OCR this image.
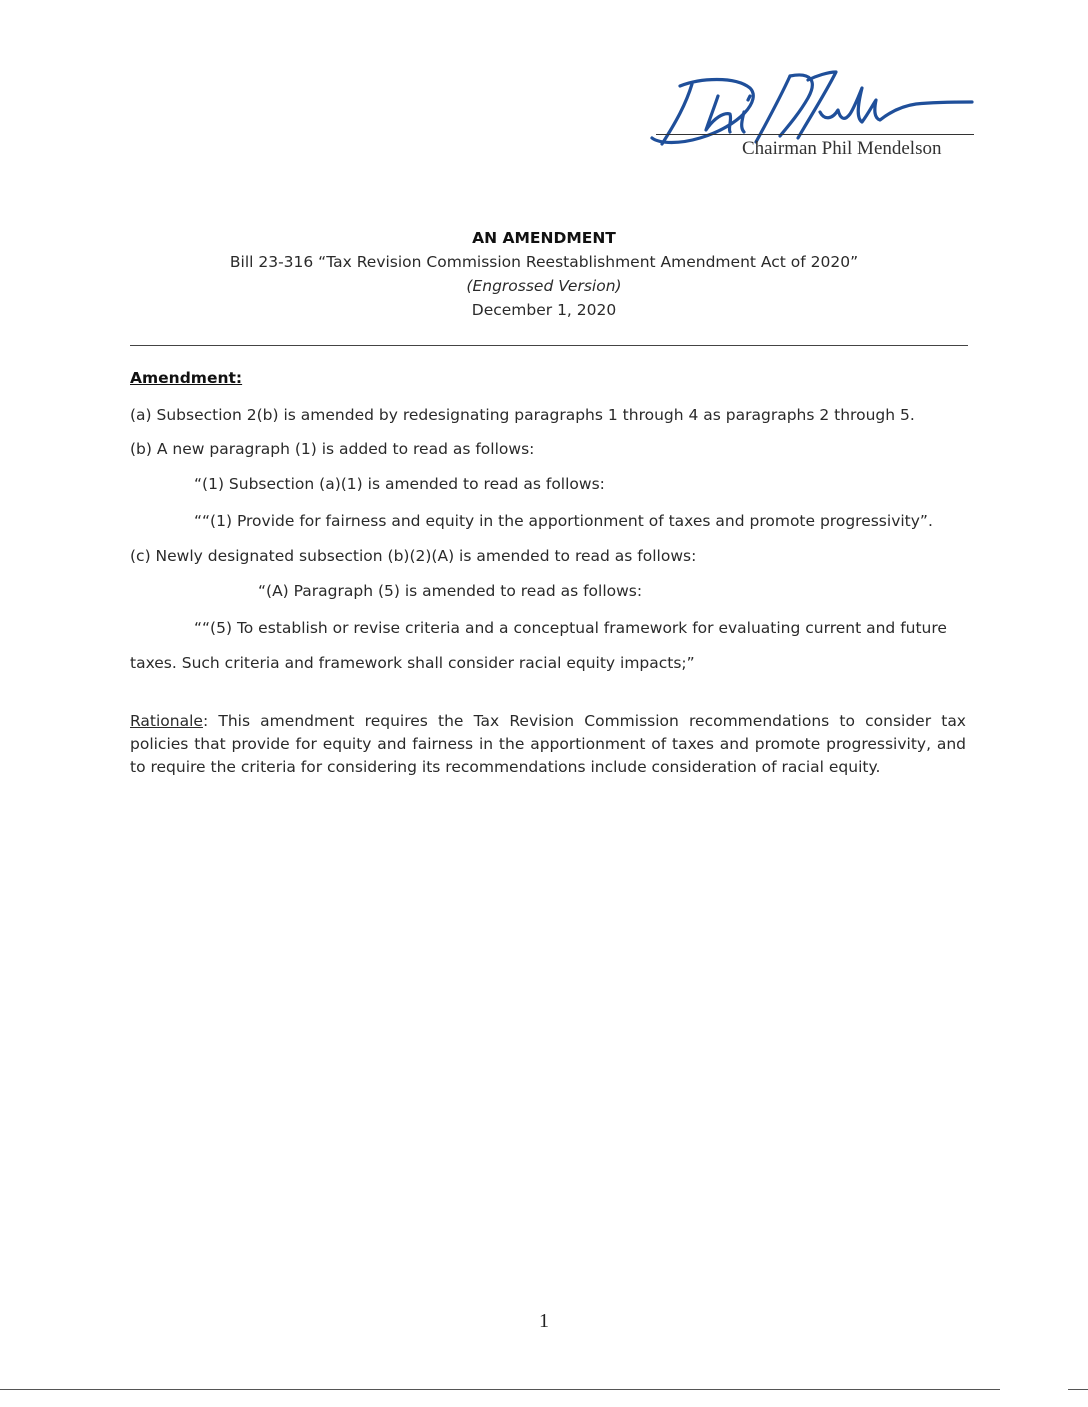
Chairman Phil Mendelson
AN AMENDMENT
Bill 23-316 “Tax Revision Commission Reestablishment Amendment Act of 2020”
(Engrossed Version)
December 1, 2020
Amendment:
(a) Subsection 2(b) is amended by redesignating paragraphs 1 through 4 as paragraphs 2 through 5.
(b) A new paragraph (1) is added to read as follows:
“(1) Subsection (a)(1) is amended to read as follows:
““(1) Provide for fairness and equity in the apportionment of taxes and promote progressivity”.
(c) Newly designated subsection (b)(2)(A) is amended to read as follows:
“(A) Paragraph (5) is amended to read as follows:
““(5) To establish or revise criteria and a conceptual framework for evaluating current and future
taxes. Such criteria and framework shall consider racial equity impacts;”
Rationale: This amendment requires the Tax Revision Commission recommendations to consider tax policies that provide for equity and fairness in the apportionment of taxes and promote progressivity, and to require the criteria for considering its recommendations include consideration of racial equity.
1
